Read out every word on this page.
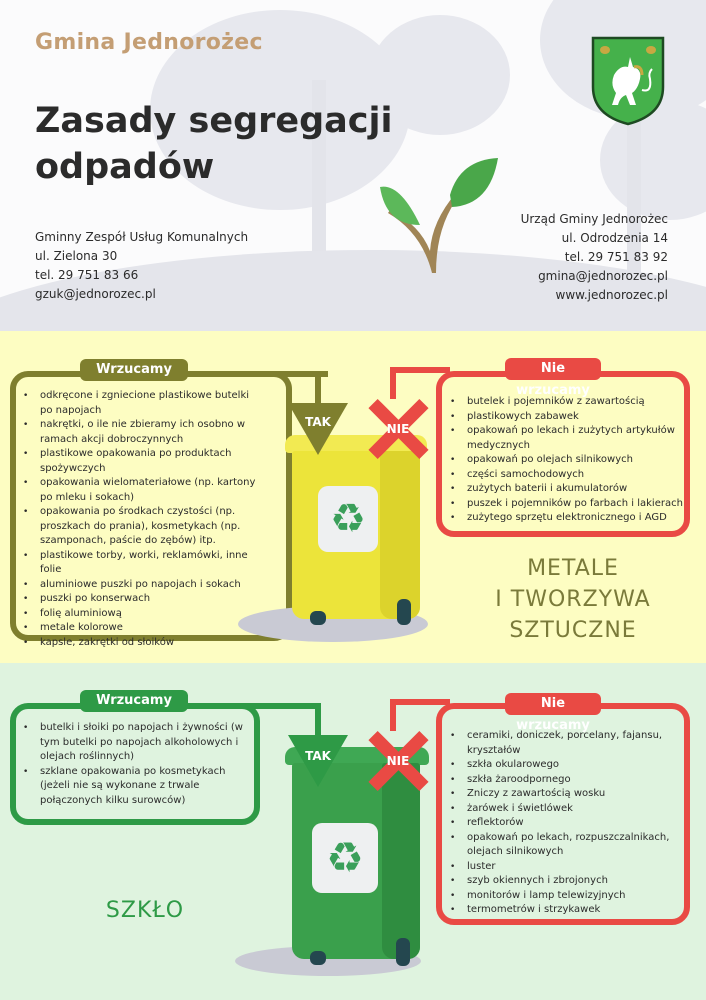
Gmina Jednorożec
Zasady segregacji
odpadów
Gminny Zespół Usług Komunalnych
ul. Zielona 30
tel. 29 751 83 66
gzuk@jednorozec.pl
Urząd Gminy Jednorożec
ul. Odrodzenia 14
tel. 29 751 83 92
gmina@jednorozec.pl
www.jednorozec.pl
Wrzucamy
• odkręcone i zgniecione plastikowe butelki po napojach
• nakrętki, o ile nie zbieramy ich osobno w ramach akcji dobroczynnych
• plastikowe opakowania po produktach spożywczych
• opakowania wielomateriałowe (np. kartony po mleku i sokach)
• opakowania po środkach czystości (np. proszkach do prania), kosmetykach (np. szamponach, paście do zębów) itp.
• plastikowe torby, worki, reklamówki, inne folie
• aluminiowe puszki po napojach i sokach
• puszki po konserwach
• folię aluminiową
• metale kolorowe
• kapsle, zakrętki od słoików
♻
TAK
Nie wrzucamy
NIE
• butelek i pojemników z zawartością
• plastikowych zabawek
• opakowań po lekach i zużytych artykułów medycznych
• opakowań po olejach silnikowych
• części samochodowych
• zużytych baterii i akumulatorów
• puszek i pojemników po farbach i lakierach
• zużytego sprzętu elektronicznego i AGD
METALE
I TWORZYWA
SZTUCZNE
Wrzucamy
• butelki i słoiki po napojach i żywności (w tym butelki po napojach alkoholowych i olejach roślinnych)
• szklane opakowania po kosmetykach (jeżeli nie są wykonane z trwale połączonych kilku surowców)
♻
TAK
Nie wrzucamy
NIE
• ceramiki, doniczek, porcelany, fajansu, kryształów
• szkła okularowego
• szkła żaroodpornego
• Zniczy z zawartością wosku
• żarówek i świetlówek
• reflektorów
• opakowań po lekach, rozpuszczalnikach, olejach silnikowych
• luster
• szyb okiennych i zbrojonych
• monitorów i lamp telewizyjnych
• termometrów i strzykawek
SZKŁO
